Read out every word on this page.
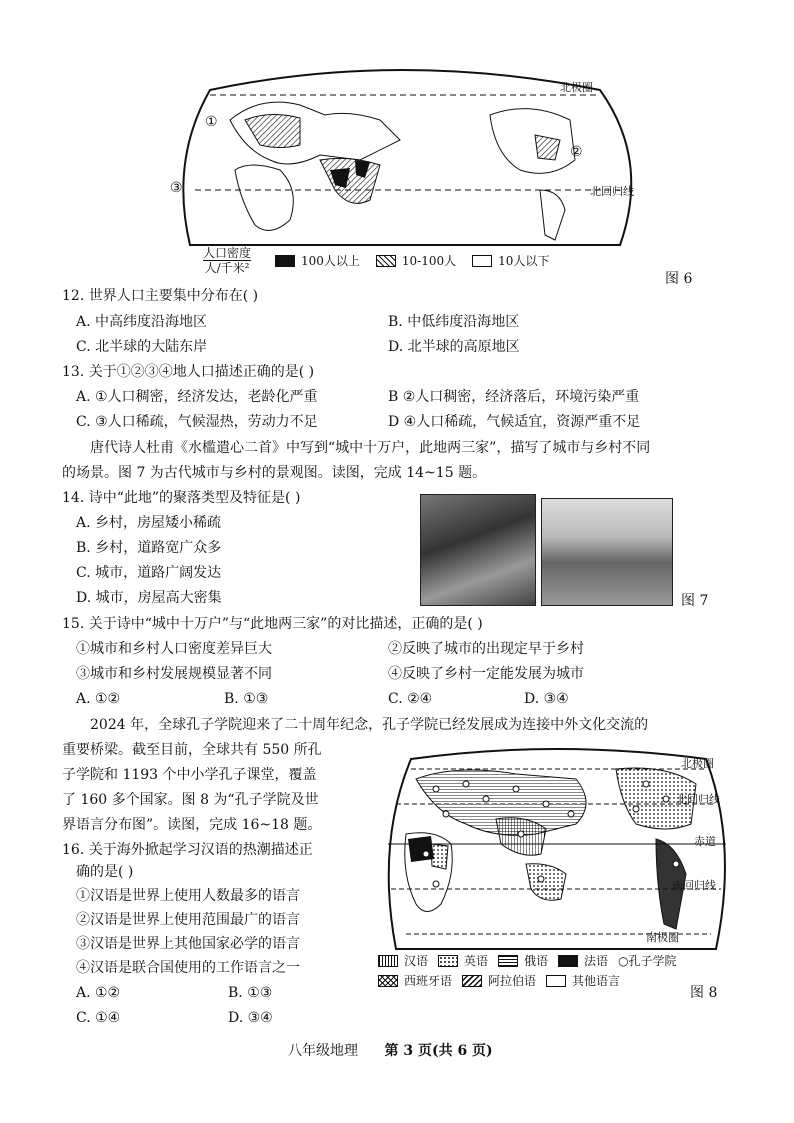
北极圈
北回归线
①
②
③	④
人口密度
人/千米²	100人以上	10-100人	10人以下
图 6
12. 世界人口主要集中分布在( )
A. 中高纬度沿海地区	B. 中低纬度沿海地区
C. 北半球的大陆东岸	D. 北半球的高原地区
13. 关于①②③④地人口描述正确的是( )
A. ①人口稠密，经济发达，老龄化严重	B ②人口稠密，经济落后，环境污染严重
C. ③人口稀疏，气候湿热，劳动力不足	D ④人口稀疏，气候适宜，资源严重不足
唐代诗人杜甫《水槛遣心二首》中写到“城中十万户，此地两三家”，描写了城市与乡村不同
的场景。图 7 为古代城市与乡村的景观图。读图，完成 14~15 题。
14. 诗中“此地”的聚落类型及特征是( )
A. 乡村，房屋矮小稀疏
B. 乡村，道路宽广众多
C. 城市，道路广阔发达
D. 城市，房屋高大密集	图 7
15. 关于诗中“城中十万户”与“此地两三家”的对比描述，正确的是( )
①城市和乡村人口密度差异巨大	②反映了城市的出现定早于乡村
③城市和乡村发展规模显著不同	④反映了乡村一定能发展为城市
A. ①②	B. ①③	C. ②④	D. ③④
2024 年，全球孔子学院迎来了二十周年纪念，孔子学院已经发展成为连接中外文化交流的
重要桥梁。截至目前，全球共有 550 所孔
子学院和 1193 个中小学孔子课堂，覆盖
了 160 多个国家。图 8 为“孔子学院及世
界语言分布图”。读图，完成 16~18 题。
16. 关于海外掀起学习汉语的热潮描述正
确的是( )
①汉语是世界上使用人数最多的语言
②汉语是世界上使用范围最广的语言
③汉语是世界上其他国家必学的语言
④汉语是联合国使用的工作语言之一
A. ①②	B. ①③
C. ①④	D. ③④
北极圈
北回归线
赤道
南回归线
南极圈
汉语	英语	俄语	法语 ○孔子学院
西班牙语	阿拉伯语	其他语言
图 8
八年级地理 第 3 页(共 6 页)
